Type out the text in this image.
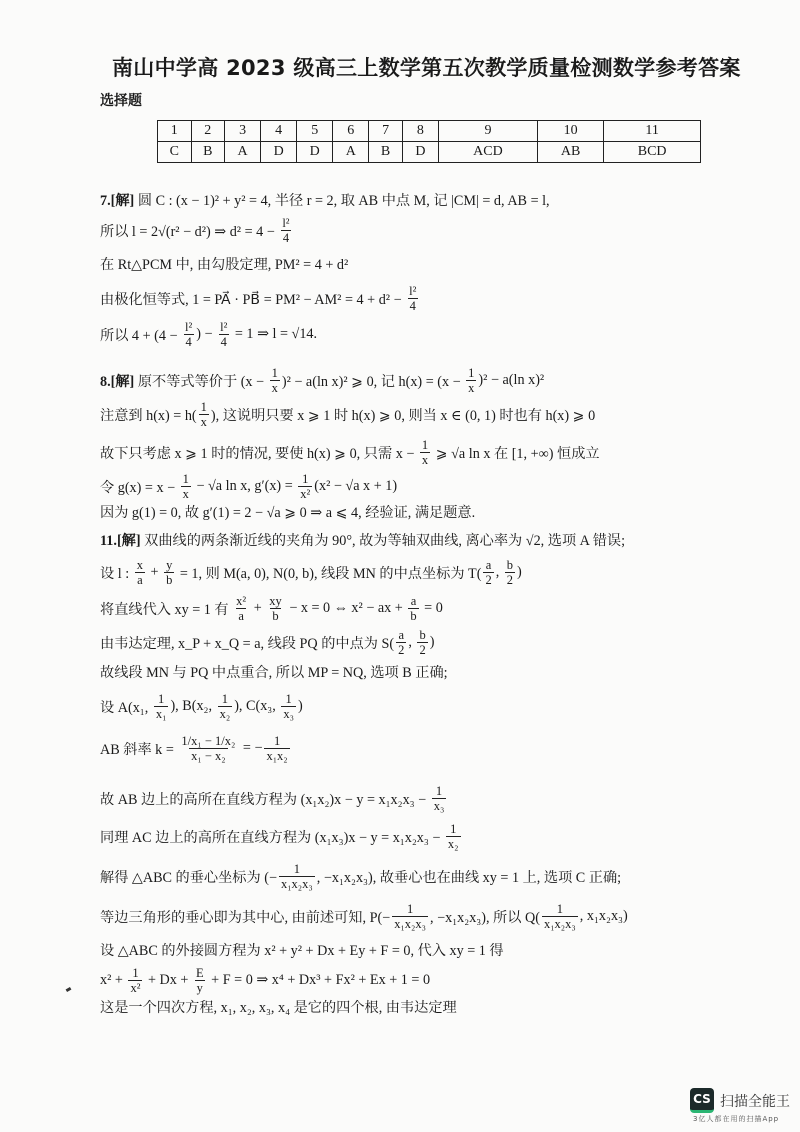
南山中学高 2023 级高三上数学第五次教学质量检测数学参考答案
选择题
1	2	3	4	5	6	7	8	9	10	11
C	B	A	D	D	A	B	D	ACD	AB	BCD
7.[解] 圆 C : (x − 1)² + y² = 4, 半径 r = 2, 取 AB 中点 M, 记 |CM| = d, AB = l,
所以 l = 2√(r² − d²) ⇒ $d^2 = 4 - \frac{\text{l²}}{4}$
在 Rt△PCM 中, 由勾股定理, PM² = 4 + d²
由极化恒等式, 1 = PA⃗ · PB⃗ = $PM^2 - AM^2 = 4 + d^2 - \frac{\text{l²}}{4}$
所以 $4 + (4 - \frac{\text{l²}}{4}$ ) − $\frac{\text{l²}}{4} = 1$ ⇒ l = √14.
8.[解] 原不等式等价于 $(x - \frac{1}{x} )^2 - a(\ln$ x)² ⩾ 0, 记 $h(x) = (x - \frac{1}{x} )^2 - a(\ln$ x)²
注意到 $h(x) = h( \frac{1}{x}$ ), 这说明只要 x ⩾ 1 时 h(x) ⩾ 0, 则当 x ∈ (0, 1) 时也有 h(x) ⩾ 0
故下只考虑 x ⩾ 1 时的情况, 要使 h(x) ⩾ 0, 只需 $x - \frac{1}{x}$ ⩾ √a ln x 在 [1, +∞) 恒成立
令 $g(x) = x - \frac{1}{x} - √a$ ln x, $g'(x) = \frac{1}{\text{x²}} (x^2 - √a$ x + 1)
因为 g(1) = 0, 故 g′(1) = 2 − √a ⩾ 0 ⇒ a ⩽ 4, 经验证, 满足题意.
11.[解] 双曲线的两条渐近线的夹角为 90°, 故为等轴双曲线, 离心率为 √2, 选项 A 错误;
设 l : $\frac{x}{a} + \frac{y}{b} = 1$, 则 M(a, 0), N(0, b), 线段 MN 的中点坐标为 $T( \frac{a}{2}$ , $\frac{b}{2}$ )
将直线代入 xy = 1 有 $\frac{\text{x²}}{a} + \frac{xy}{b} - x = 0$ ⇔ x² − ax + $\frac{a}{b} = 0$
由韦达定理, x_P + x_Q = a, 线段 PQ 的中点为 $S( \frac{a}{2}$ , $\frac{b}{2}$ )
故线段 MN 与 PQ 中点重合, 所以 MP = NQ, 选项 B 正确;
设 A(x₁, $\frac{1}{\text{x₁}}$ ), B(x₂, $\frac{1}{\text{x₂}}$ ), C(x₃, $\frac{1}{\text{x₃}}$ )
AB 斜率 $k = \frac{\text{1/x₁ − 1/x₂}}{\text{x₁ − x₂}}$ = − $\frac{1}{\text{x₁x₂}}$
故 AB 边上的高所在直线方程为 $(x_1x_2)x - y = x_1x_2x_3 - \frac{1}{\text{x₃}}$
同理 AC 边上的高所在直线方程为 $(x_1x_3)x - y = x_1x_2x_3 - \frac{1}{\text{x₂}}$
解得 △ABC 的垂心坐标为 (− $\frac{1}{\text{x₁x₂x₃}}$ , −x₁x₂x₃), 故垂心也在曲线 xy = 1 上, 选项 C 正确;
等边三角形的垂心即为其中心, 由前述可知, $P(- \frac{1}{\text{x₁x₂x₃}}$ , −x₁x₂x₃), 所以 $Q( \frac{1}{\text{x₁x₂x₃}}$ , x₁x₂x₃)
设 △ABC 的外接圆方程为 x² + y² + Dx + Ey + F = 0, 代入 xy = 1 得
$x^2 + \frac{1}{\text{x²}} + Dx + \frac{E}{y} + F = 0$ ⇒ x⁴ + Dx³ + Fx² + Ex + 1 = 0
这是一个四次方程, x₁, x₂, x₃, x₄ 是它的四个根, 由韦达定理
CS 扫描全能王
3亿人都在用的扫描App
